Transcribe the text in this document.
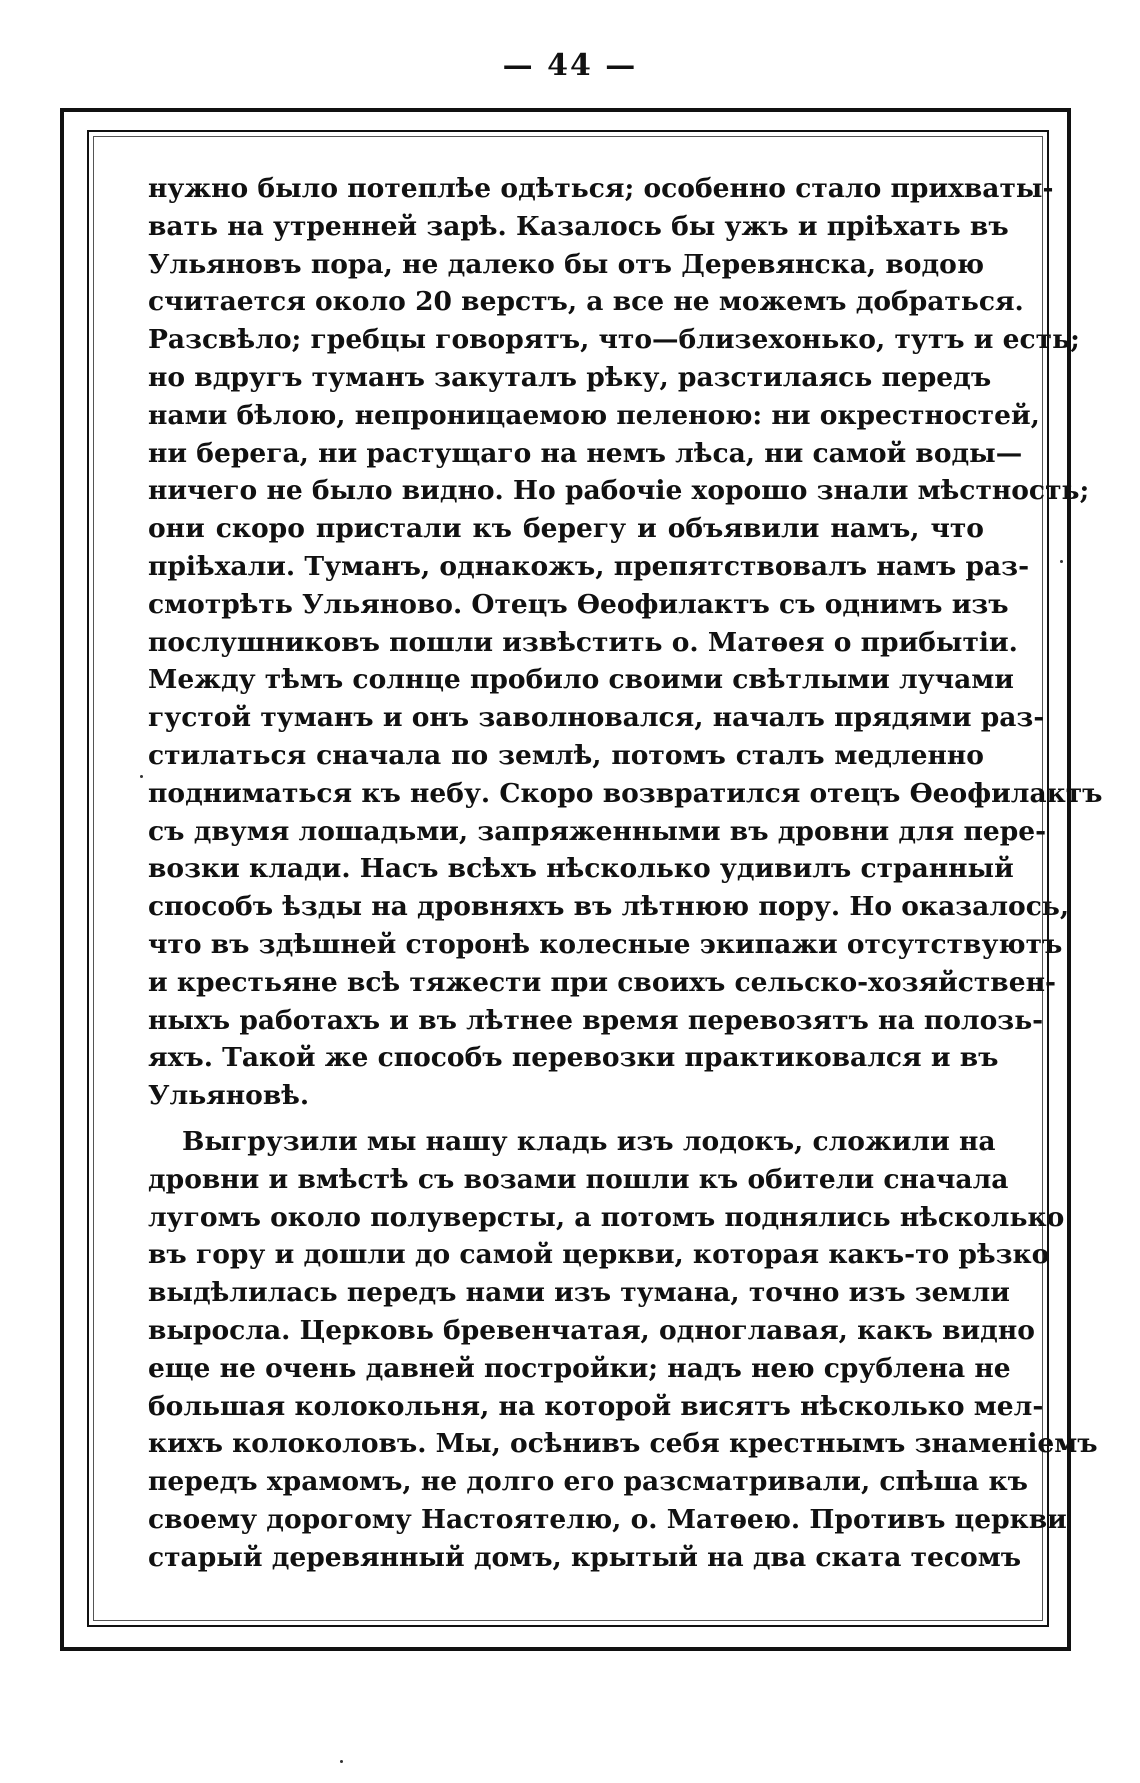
— 44 —
нужно было потеплѣе одѣться; особенно стало прихваты-
вать на утренней зарѣ. Казалось бы ужъ и пріѣхать въ
Ульяновъ пора, не далеко бы отъ Деревянска, водою
считается около 20 верстъ, а все не можемъ добраться.
Разсвѣло; гребцы говорятъ, что—близехонько, тутъ и есть;
но вдругъ туманъ закуталъ рѣку, разстилаясь передъ
нами бѣлою, непроницаемою пеленою: ни окрестностей,
ни берега, ни растущаго на немъ лѣса, ни самой воды—
ничего не было видно. Но рабочіе хорошо знали мѣстность;
они скоро пристали къ берегу и объявили намъ, что
пріѣхали. Туманъ, однакожъ, препятствовалъ намъ раз-
смотрѣть Ульяново. Отецъ Ѳеофилактъ съ однимъ изъ
послушниковъ пошли извѣстить о. Матѳея о прибытіи.
Между тѣмъ солнце пробило своими свѣтлыми лучами
густой туманъ и онъ заволновался, началъ прядями раз-
стилаться сначала по землѣ, потомъ сталъ медленно
подниматься къ небу. Скоро возвратился отецъ Ѳеофилактъ
съ двумя лошадьми, запряженными въ дровни для пере-
возки клади. Насъ всѣхъ нѣсколько удивилъ странный
способъ ѣзды на дровняхъ въ лѣтнюю пору. Но оказалось,
что въ здѣшней сторонѣ колесные экипажи отсутствуютъ
и крестьяне всѣ тяжести при своихъ сельско-хозяйствен-
ныхъ работахъ и въ лѣтнее время перевозятъ на полозь-
яхъ. Такой же способъ перевозки практиковался и въ
Ульяновѣ.
Выгрузили мы нашу кладь изъ лодокъ, сложили на
дровни и вмѣстѣ съ возами пошли къ обители сначала
лугомъ около полуверсты, а потомъ поднялись нѣсколько
въ гору и дошли до самой церкви, которая какъ-то рѣзко
выдѣлилась передъ нами изъ тумана, точно изъ земли
выросла. Церковь бревенчатая, одноглавая, какъ видно
еще не очень давней постройки; надъ нею срублена не
большая колокольня, на которой висятъ нѣсколько мел-
кихъ колоколовъ. Мы, осѣнивъ себя крестнымъ знаменіемъ
передъ храмомъ, не долго его разсматривали, спѣша къ
своему дорогому Настоятелю, о. Матѳею. Противъ церкви
старый деревянный домъ, крытый на два ската тесомъ
